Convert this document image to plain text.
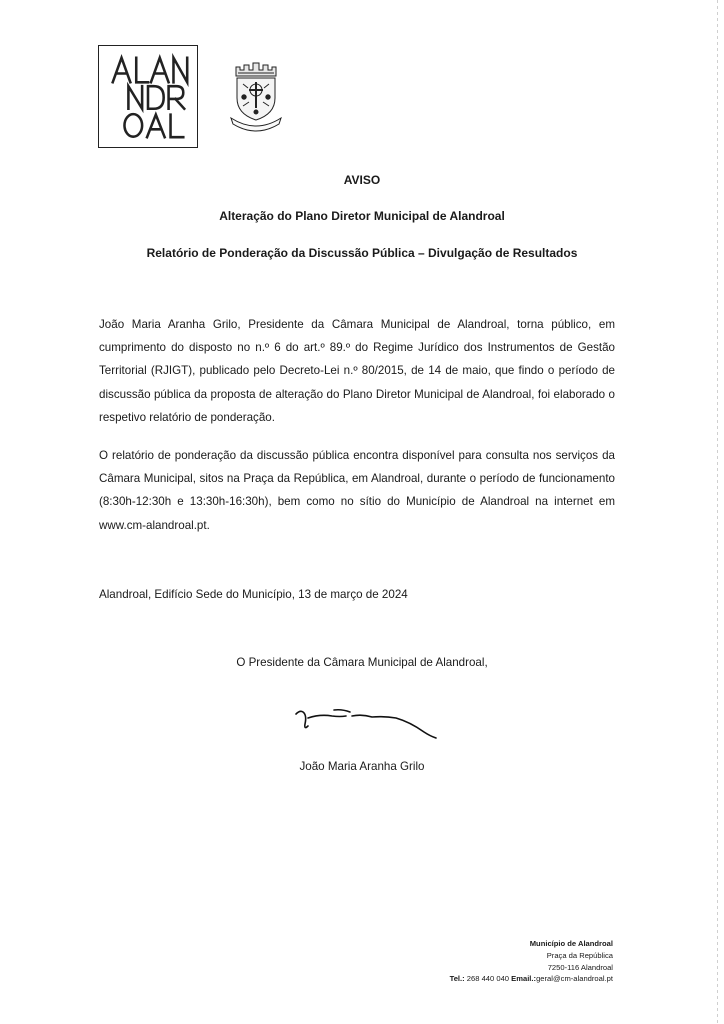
AVISO
Alteração do Plano Diretor Municipal de Alandroal
Relatório de Ponderação da Discussão Pública – Divulgação de Resultados

João Maria Aranha Grilo, Presidente da Câmara Municipal de Alandroal, torna público, em cumprimento do disposto no n.º 6 do art.º 89.º do Regime Jurídico dos Instrumentos de Gestão Territorial (RJIGT), publicado pelo Decreto-Lei n.º 80/2015, de 14 de maio, que findo o período de discussão pública da proposta de alteração do Plano Diretor Municipal de Alandroal, foi elaborado o respetivo relatório de ponderação.

O relatório de ponderação da discussão pública encontra disponível para consulta nos serviços da Câmara Municipal, sitos na Praça da República, em Alandroal, durante o período de funcionamento (8:30h-12:30h e 13:30h-16:30h), bem como no sítio do Município de Alandroal na internet em www.cm-alandroal.pt.

Alandroal, Edifício Sede do Município, 13 de março de 2024
O Presidente da Câmara Municipal de Alandroal,
João Maria Aranha Grilo
Município de Alandroal
Praça da República
7250-116 Alandroal
Tel.: 268 440 040 Email.:geral@cm-alandroal.pt
